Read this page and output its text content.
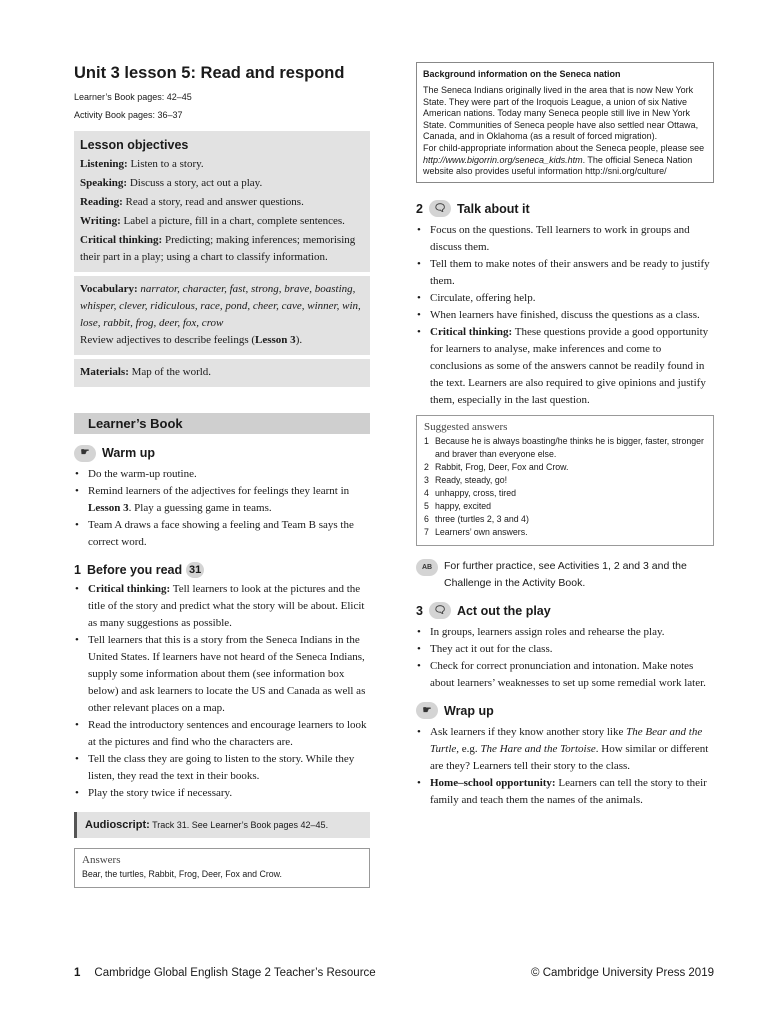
Unit 3 lesson 5: Read and respond
Learner’s Book pages: 42–45
Activity Book pages: 36–37
Lesson objectives
Listening: Listen to a story.
Speaking: Discuss a story, act out a play.
Reading: Read a story, read and answer questions.
Writing: Label a picture, fill in a chart, complete sentences.
Critical thinking: Predicting; making inferences; memorising their part in a play; using a chart to classify information.
Vocabulary: narrator, character, fast, strong, brave, boasting, whisper, clever, ridiculous, race, pond, cheer, cave, winner, win, lose, rabbit, frog, deer, fox, crow
Review adjectives to describe feelings (Lesson 3).
Materials: Map of the world.
Learner’s Book
☛	Warm up
• Do the warm-up routine.
• Remind learners of the adjectives for feelings they learnt in Lesson 3. Play a guessing game in teams.
• Team A draws a face showing a feeling and Team B says the correct word.
1 Before you read 31
• Critical thinking: Tell learners to look at the pictures and the title of the story and predict what the story will be about. Elicit as many suggestions as possible.
• Tell learners that this is a story from the Seneca Indians in the United States. If learners have not heard of the Seneca Indians, supply some information about them (see information box below) and ask learners to locate the US and Canada as well as other relevant places on a map.
• Read the introductory sentences and encourage learners to look at the pictures and find who the characters are.
• Tell the class they are going to listen to the story. While they listen, they read the text in their books.
• Play the story twice if necessary.
Audioscript: Track 31. See Learner’s Book pages 42–45.
Answers
Bear, the turtles, Rabbit, Frog, Deer, Fox and Crow.
Background information on the Seneca nation
The Seneca Indians originally lived in the area that is now New York State. They were part of the Iroquois League, a union of six Native American nations. Today many Seneca people still live in New York State. Communities of Seneca people have also settled near Ottawa, Canada, and in Oklahoma (as a result of forced migration).
For child-appropriate information about the Seneca people, please see http://www.bigorrin.org/seneca_kids.htm. The official Seneca Nation website also provides useful information http://sni.org/culture/
2	🗨 Talk about it
• Focus on the questions. Tell learners to work in groups and discuss them.
• Tell them to make notes of their answers and be ready to justify them.
• Circulate, offering help.
• When learners have finished, discuss the questions as a class.
• Critical thinking: These questions provide a good opportunity for learners to analyse, make inferences and come to conclusions as some of the answers cannot be readily found in the text. Learners are also required to give opinions and justify them, especially in the last question.
Suggested answers
1 Because he is always boasting/he thinks he is bigger, faster, stronger and braver than everyone else.
2 Rabbit, Frog, Deer, Fox and Crow.
3 Ready, steady, go!
4 unhappy, cross, tired
5 happy, excited
6 three (turtles 2, 3 and 4)
7 Learners’ own answers.
AB	For further practice, see Activities 1, 2 and 3 and the Challenge in the Activity Book.
3	🗨 Act out the play
• In groups, learners assign roles and rehearse the play.
• They act it out for the class.
• Check for correct pronunciation and intonation. Make notes about learners’ weaknesses to set up some remedial work later.
☛	Wrap up
• Ask learners if they know another story like The Bear and the Turtle, e.g. The Hare and the Tortoise. How similar or different are they? Learners tell their story to the class.
• Home–school opportunity: Learners can tell the story to their family and teach them the names of the animals.
1 Cambridge Global English Stage 2 Teacher’s Resource	© Cambridge University Press 2019
